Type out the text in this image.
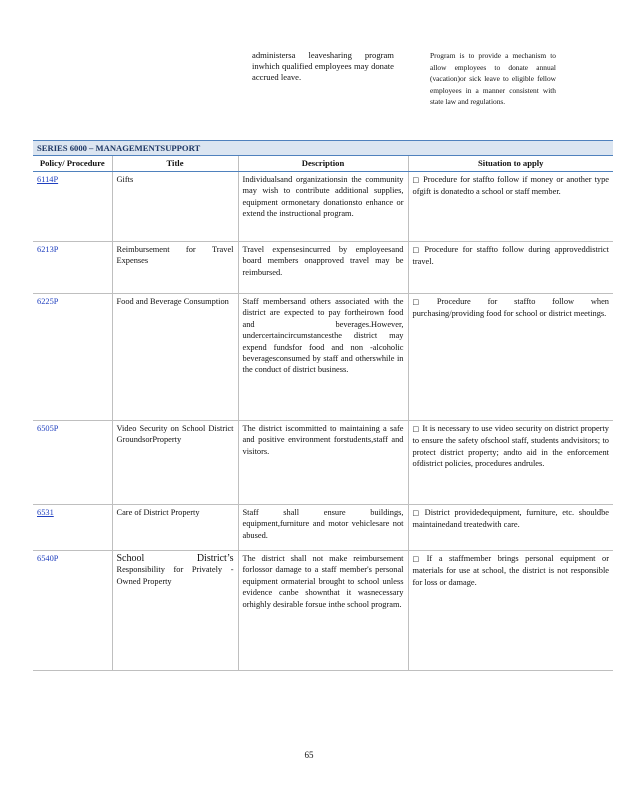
administersa leavesharing program inwhich qualified employees may donate accrued leave.
Program is to provide a mechanism to allow employees to donate annual (vacation)or sick leave to eligible fellow employees in a manner consistent with state law and regulations.
SERIES 6000 – MANAGEMENTSUPPORT			
Policy/ Procedure	Title	Description	Situation to apply
6114P	Gifts	Individualsand organizationsin the community may wish to contribute additional supplies, equipment ormonetary donationsto enhance or extend the instructional program.	□ Procedure for staffto follow if money or another type ofgift is donatedto a school or staff member.
6213P	Reimbursement for Travel Expenses	Travel expensesincurred by employeesand board members onapproved travel may be reimbursed.	□ Procedure for staffto follow during approveddistrict travel.
6225P	Food and Beverage Consumption	Staff membersand others associated with the district are expected to pay fortheirown food and beverages.However, undercertaincircumstancesthe district may expend fundsfor food and non -alcoholic beveragesconsumed by staff and otherswhile in the conduct of district business.	□ Procedure for staffto follow when purchasing/providing food for school or district meetings.
6505P	Video Security on School District GroundsorProperty	The district iscommitted to maintaining a safe and positive environment forstudents,staff and visitors.	□ It is necessary to use video security on district property to ensure the safety ofschool staff, students andvisitors; to protect district property; andto aid in the enforcement ofdistrict policies, procedures andrules.
6531	Care of District Property	Staff shall ensure buildings, equipment,furniture and motor vehiclesare not abused.	□ District providedequipment, furniture, etc. shouldbe maintainedand treatedwith care.
6540P	School District’s Responsibility for Privately -Owned Property	The district shall not make reimbursement forlossor damage to a staff member's personal equipment ormaterial brought to school unless evidence canbe shownthat it wasnecessary orhighly desirable forsue inthe school program.	□ If a staffmember brings personal equipment or materials for use at school, the district is not responsible for loss or damage.
65
